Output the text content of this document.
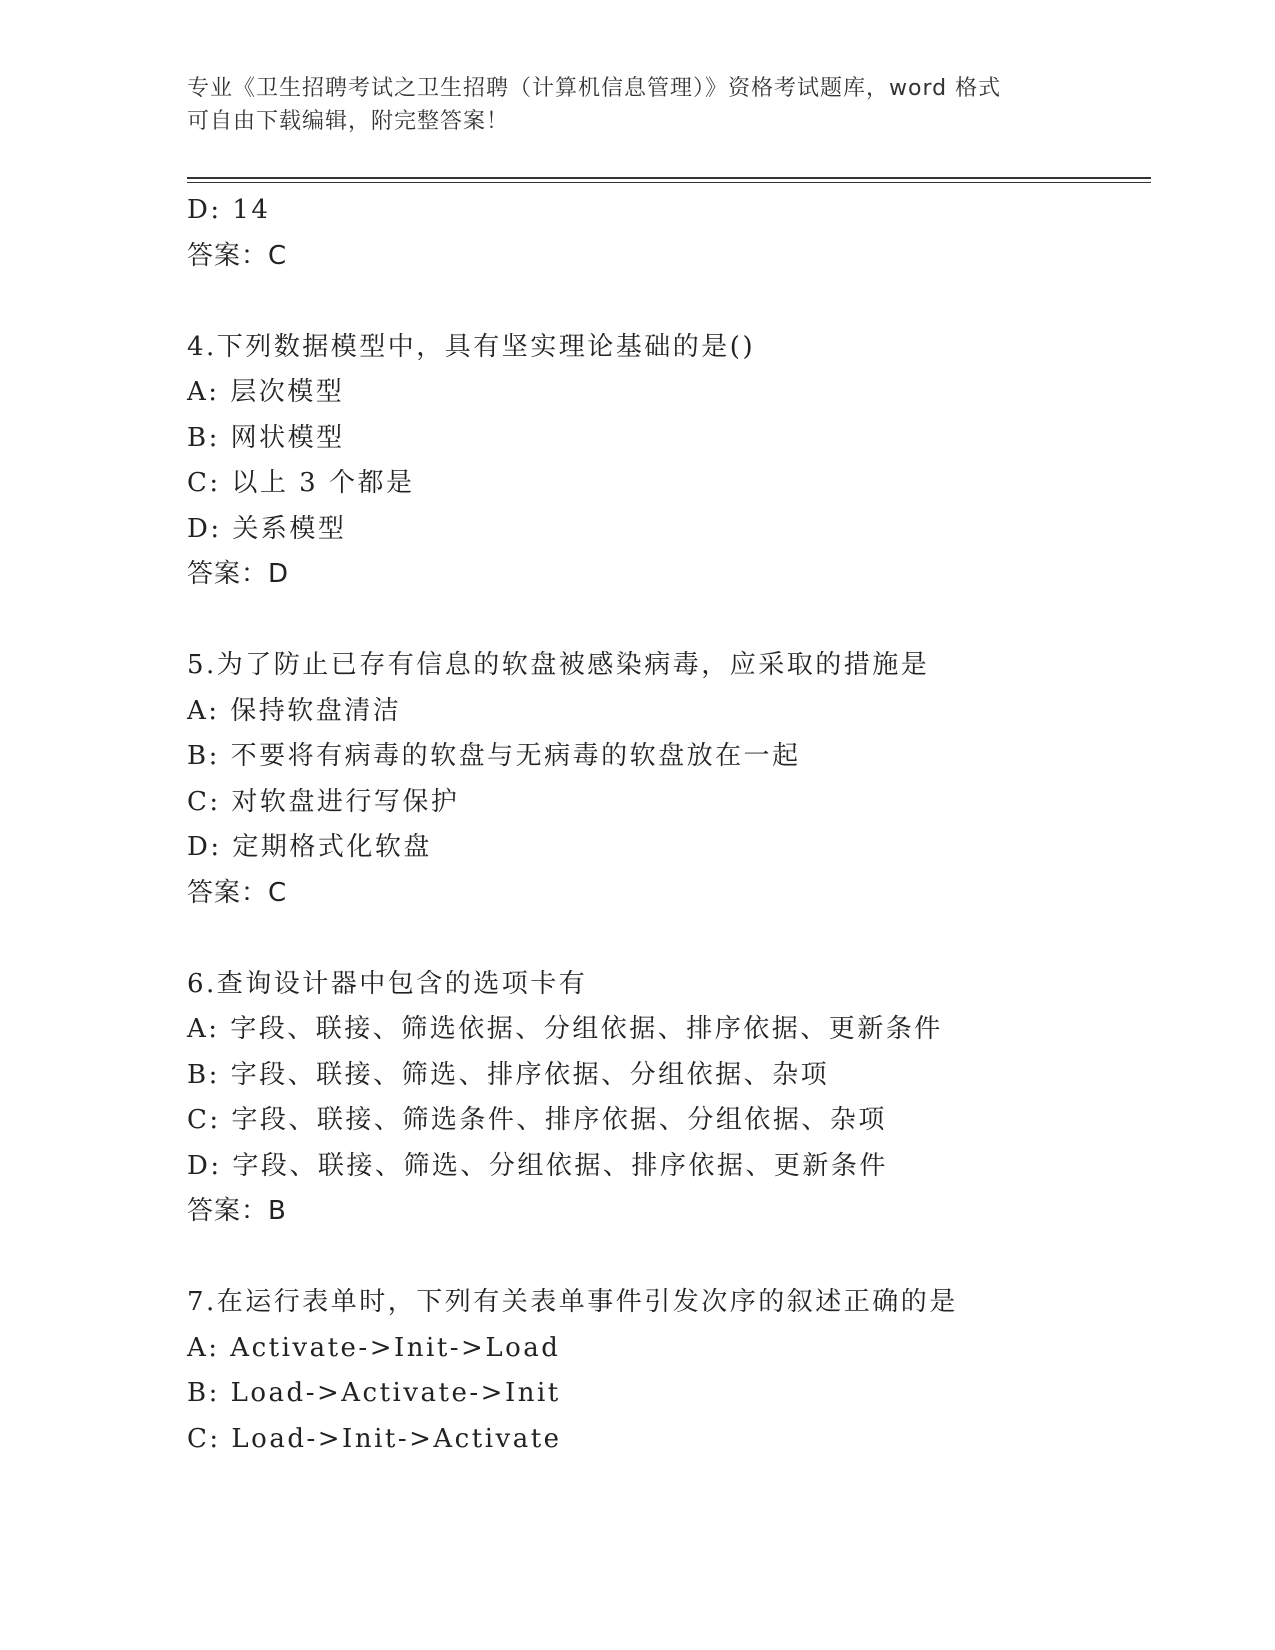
专业《卫生招聘考试之卫生招聘（计算机信息管理）》资格考试题库，word 格式
可自由下载编辑，附完整答案！
D: 14
答案：C
4.下列数据模型中，具有坚实理论基础的是()
A: 层次模型
B: 网状模型
C: 以上 3 个都是
D: 关系模型
答案：D
5.为了防止已存有信息的软盘被感染病毒，应采取的措施是
A: 保持软盘清洁
B: 不要将有病毒的软盘与无病毒的软盘放在一起
C: 对软盘进行写保护
D: 定期格式化软盘
答案：C
6.查询设计器中包含的选项卡有
A: 字段、联接、筛选依据、分组依据、排序依据、更新条件
B: 字段、联接、筛选、排序依据、分组依据、杂项
C: 字段、联接、筛选条件、排序依据、分组依据、杂项
D: 字段、联接、筛选、分组依据、排序依据、更新条件
答案：B
7.在运行表单时，下列有关表单事件引发次序的叙述正确的是
A: Activate->Init->Load
B: Load->Activate->Init
C: Load->Init->Activate
